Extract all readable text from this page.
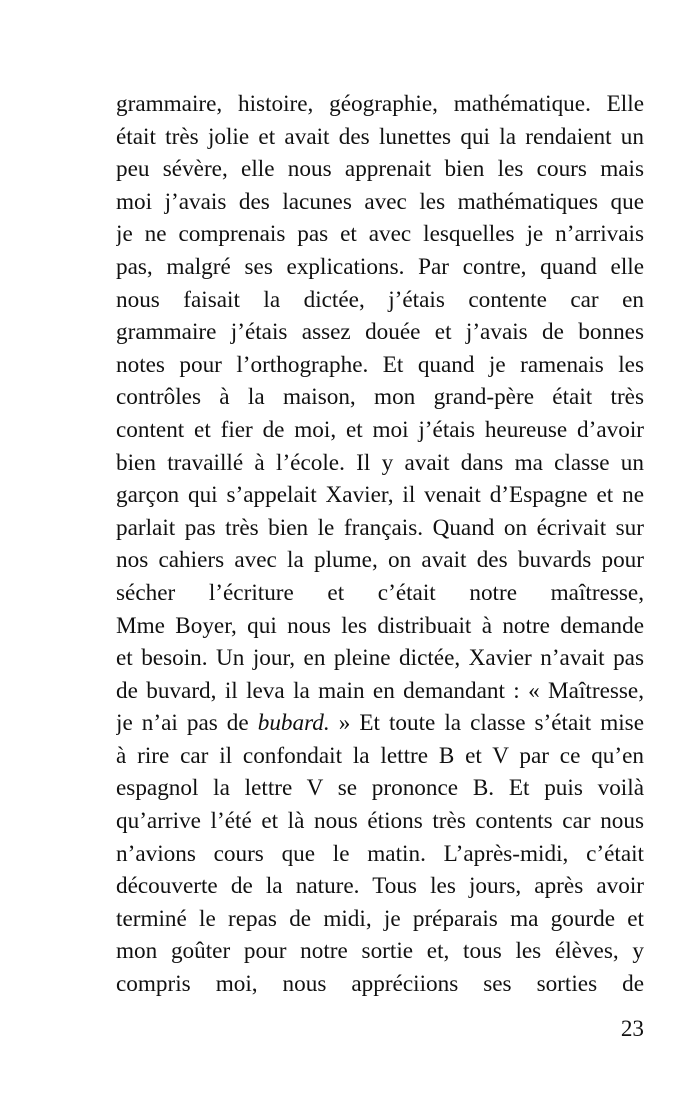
grammaire, histoire, géographie, mathématique. Elle
était très jolie et avait des lunettes qui la rendaient un
peu sévère, elle nous apprenait bien les cours mais
moi j’avais des lacunes avec les mathématiques que
je ne comprenais pas et avec lesquelles je n’arrivais
pas, malgré ses explications. Par contre, quand elle
nous faisait la dictée, j’étais contente car en
grammaire j’étais assez douée et j’avais de bonnes
notes pour l’orthographe. Et quand je ramenais les
contrôles à la maison, mon grand-père était très
content et fier de moi, et moi j’étais heureuse d’avoir
bien travaillé à l’école. Il y avait dans ma classe un
garçon qui s’appelait Xavier, il venait d’Espagne et ne
parlait pas très bien le français. Quand on écrivait sur
nos cahiers avec la plume, on avait des buvards pour
sécher l’écriture et c’était notre maîtresse,
Mme Boyer, qui nous les distribuait à notre demande
et besoin. Un jour, en pleine dictée, Xavier n’avait pas
de buvard, il leva la main en demandant : « Maîtresse,
je n’ai pas de bubard. » Et toute la classe s’était mise
à rire car il confondait la lettre B et V par ce qu’en
espagnol la lettre V se prononce B. Et puis voilà
qu’arrive l’été et là nous étions très contents car nous
n’avions cours que le matin. L’après-midi, c’était
découverte de la nature. Tous les jours, après avoir
terminé le repas de midi, je préparais ma gourde et
mon goûter pour notre sortie et, tous les élèves, y
compris moi, nous appréciions ses sorties de
23
